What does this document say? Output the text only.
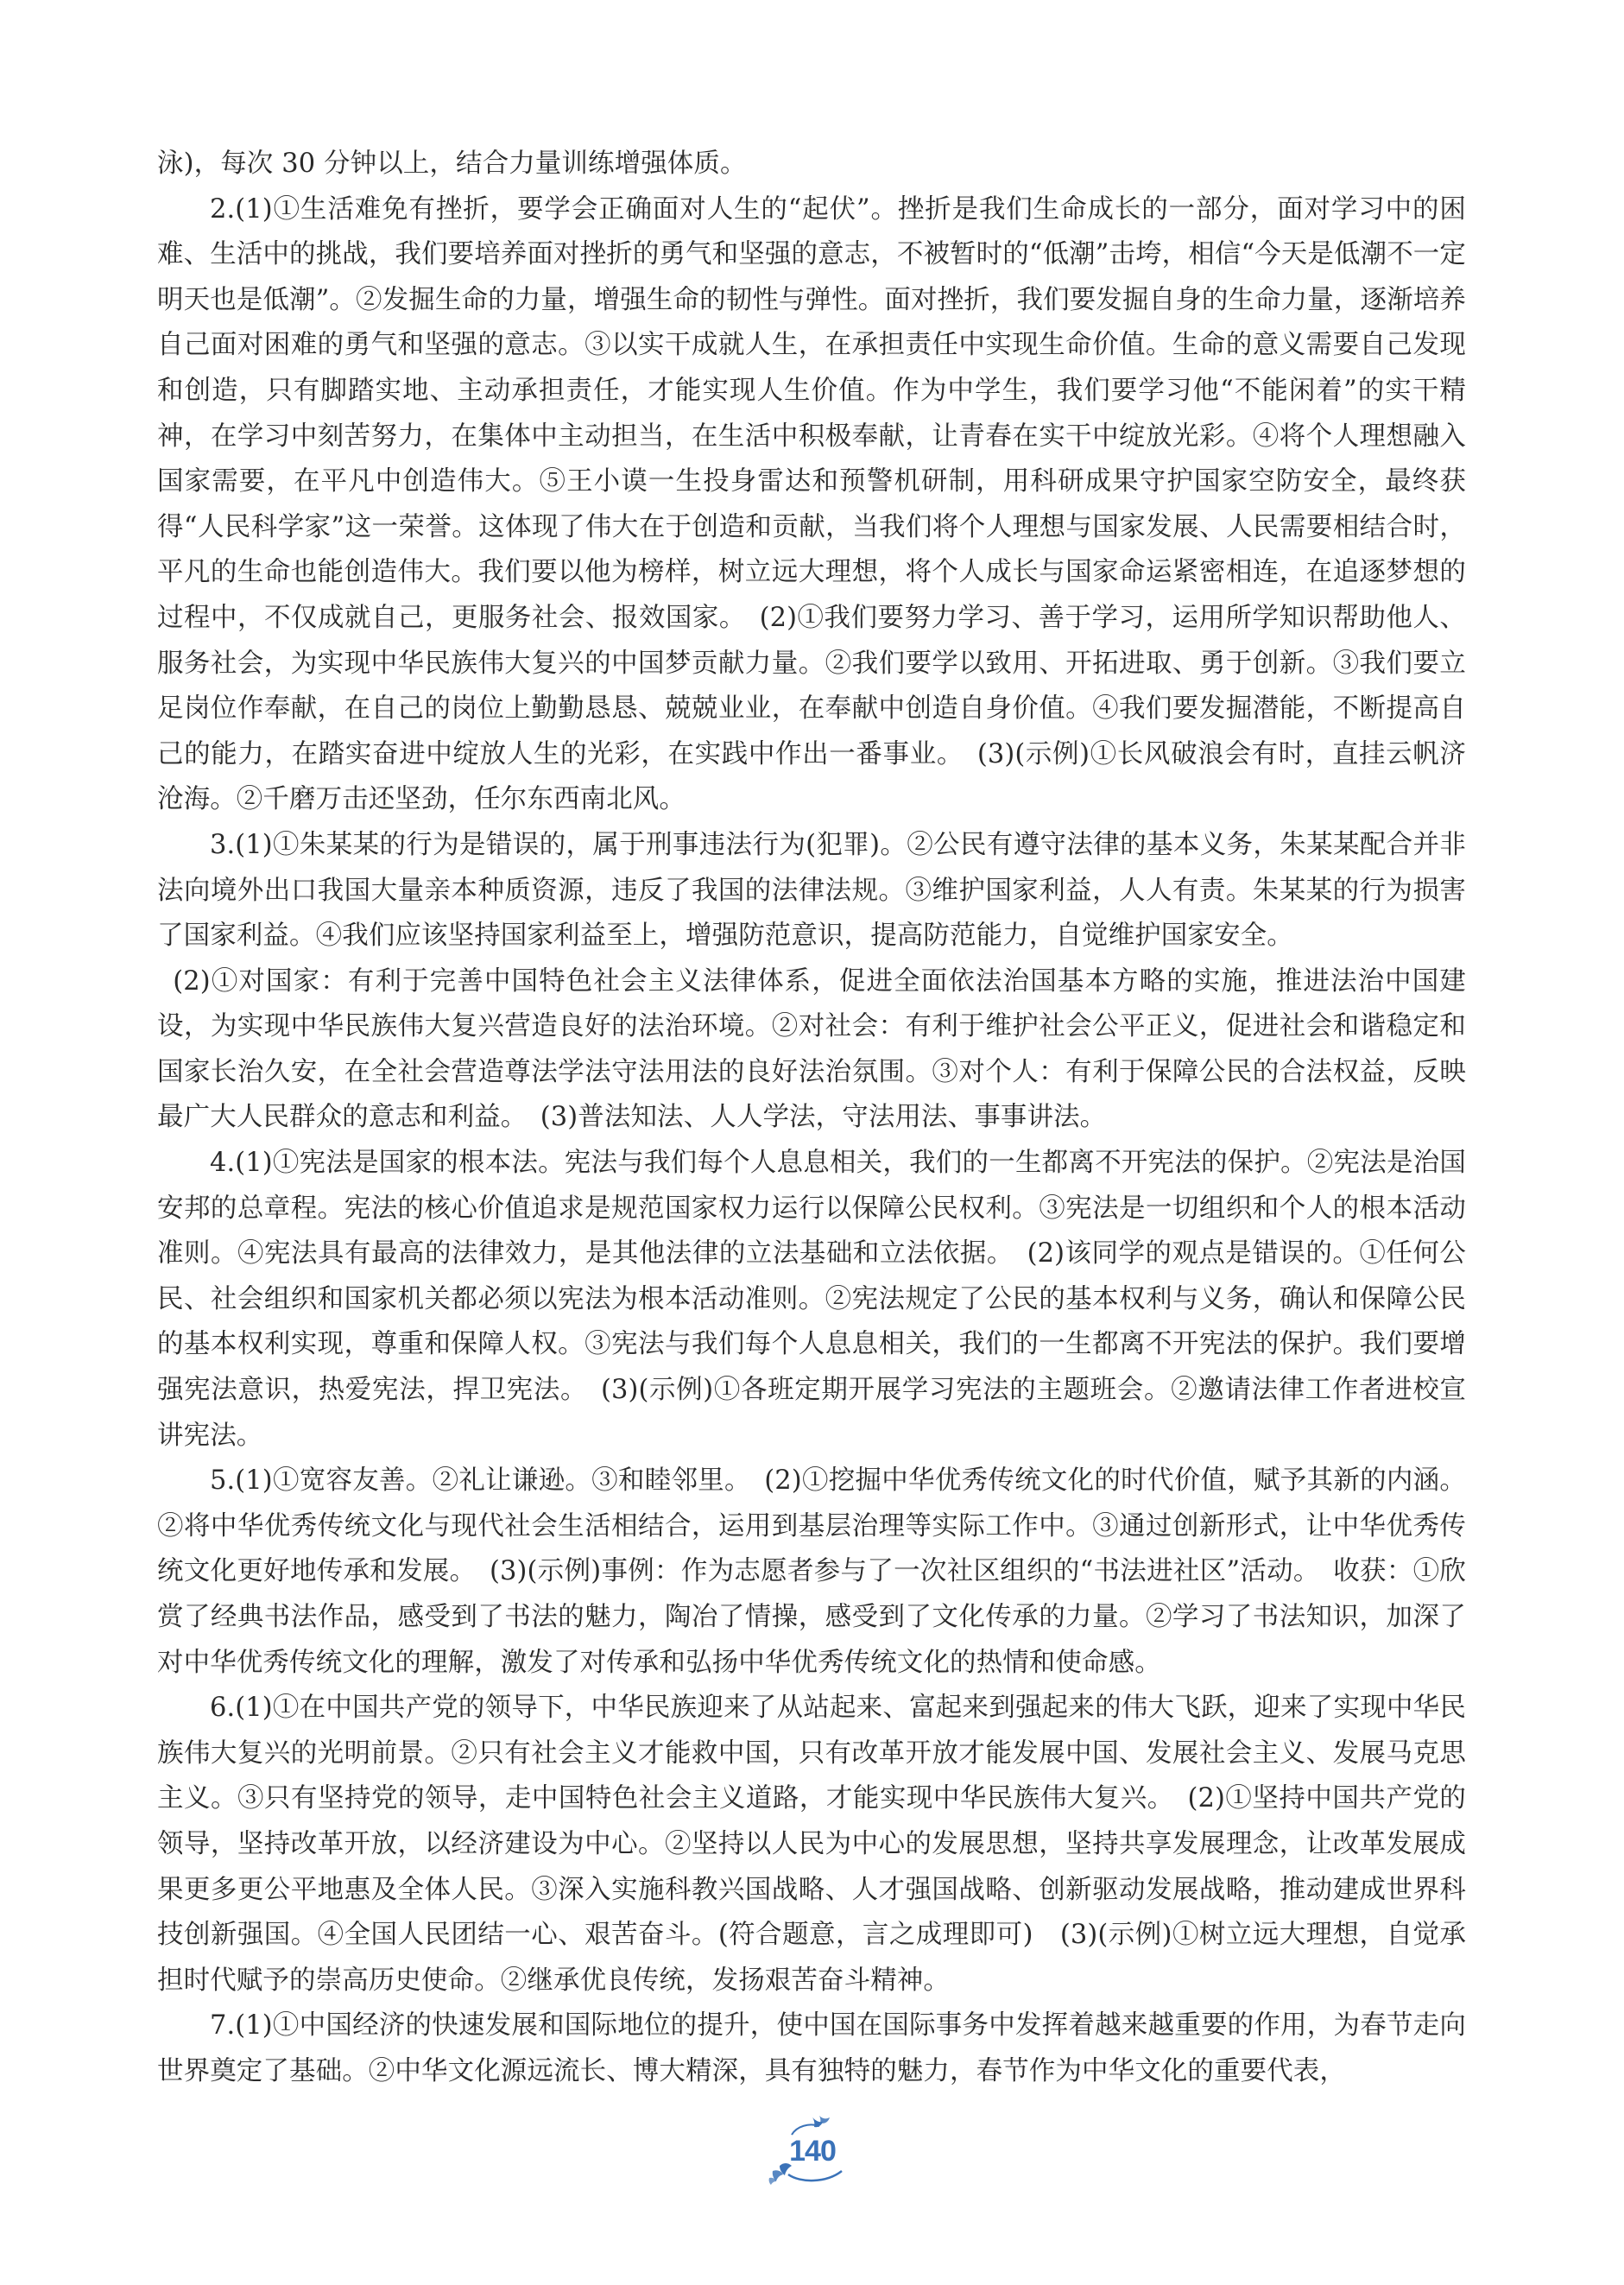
泳)，每次 30 分钟以上，结合力量训练增强体质。

2.(1)①生活难免有挫折，要学会正确面对人生的“起伏”。挫折是我们生命成长的一部分，面对学习中的困难、生活中的挑战，我们要培养面对挫折的勇气和坚强的意志，不被暂时的“低潮”击垮，相信“今天是低潮不一定明天也是低潮”。②发掘生命的力量，增强生命的韧性与弹性。面对挫折，我们要发掘自身的生命力量，逐渐培养自己面对困难的勇气和坚强的意志。③以实干成就人生，在承担责任中实现生命价值。生命的意义需要自己发现和创造，只有脚踏实地、主动承担责任，才能实现人生价值。作为中学生，我们要学习他“不能闲着”的实干精神，在学习中刻苦努力，在集体中主动担当，在生活中积极奉献，让青春在实干中绽放光彩。④将个人理想融入国家需要，在平凡中创造伟大。⑤王小谟一生投身雷达和预警机研制，用科研成果守护国家空防安全，最终获得“人民科学家”这一荣誉。这体现了伟大在于创造和贡献，当我们将个人理想与国家发展、人民需要相结合时，平凡的生命也能创造伟大。我们要以他为榜样，树立远大理想，将个人成长与国家命运紧密相连，在追逐梦想的过程中，不仅成就自己，更服务社会、报效国家。　(2)①我们要努力学习、善于学习，运用所学知识帮助他人、服务社会，为实现中华民族伟大复兴的中国梦贡献力量。②我们要学以致用、开拓进取、勇于创新。③我们要立足岗位作奉献，在自己的岗位上勤勤恳恳、兢兢业业，在奉献中创造自身价值。④我们要发掘潜能，不断提高自己的能力，在踏实奋进中绽放人生的光彩，在实践中作出一番事业。　(3)(示例)①长风破浪会有时，直挂云帆济沧海。②千磨万击还坚劲，任尔东西南北风。

3.(1)①朱某某的行为是错误的，属于刑事违法行为(犯罪)。②公民有遵守法律的基本义务，朱某某配合并非法向境外出口我国大量亲本种质资源，违反了我国的法律法规。③维护国家利益，人人有责。朱某某的行为损害了国家利益。④我们应该坚持国家利益至上，增强防范意识，提高防范能力，自觉维护国家安全。

(2)①对国家：有利于完善中国特色社会主义法律体系，促进全面依法治国基本方略的实施，推进法治中国建设，为实现中华民族伟大复兴营造良好的法治环境。②对社会：有利于维护社会公平正义，促进社会和谐稳定和国家长治久安，在全社会营造尊法学法守法用法的良好法治氛围。③对个人：有利于保障公民的合法权益，反映最广大人民群众的意志和利益。　(3)普法知法、人人学法，守法用法、事事讲法。

4.(1)①宪法是国家的根本法。宪法与我们每个人息息相关，我们的一生都离不开宪法的保护。②宪法是治国安邦的总章程。宪法的核心价值追求是规范国家权力运行以保障公民权利。③宪法是一切组织和个人的根本活动准则。④宪法具有最高的法律效力，是其他法律的立法基础和立法依据。　(2)该同学的观点是错误的。①任何公民、社会组织和国家机关都必须以宪法为根本活动准则。②宪法规定了公民的基本权利与义务，确认和保障公民的基本权利实现，尊重和保障人权。③宪法与我们每个人息息相关，我们的一生都离不开宪法的保护。我们要增强宪法意识，热爱宪法，捍卫宪法。　(3)(示例)①各班定期开展学习宪法的主题班会。②邀请法律工作者进校宣讲宪法。

5.(1)①宽容友善。②礼让谦逊。③和睦邻里。　(2)①挖掘中华优秀传统文化的时代价值，赋予其新的内涵。②将中华优秀传统文化与现代社会生活相结合，运用到基层治理等实际工作中。③通过创新形式，让中华优秀传统文化更好地传承和发展。　(3)(示例)事例：作为志愿者参与了一次社区组织的“书法进社区”活动。　收获：①欣赏了经典书法作品，感受到了书法的魅力，陶冶了情操，感受到了文化传承的力量。②学习了书法知识，加深了对中华优秀传统文化的理解，激发了对传承和弘扬中华优秀传统文化的热情和使命感。

6.(1)①在中国共产党的领导下，中华民族迎来了从站起来、富起来到强起来的伟大飞跃，迎来了实现中华民族伟大复兴的光明前景。②只有社会主义才能救中国，只有改革开放才能发展中国、发展社会主义、发展马克思主义。③只有坚持党的领导，走中国特色社会主义道路，才能实现中华民族伟大复兴。　(2)①坚持中国共产党的领导，坚持改革开放，以经济建设为中心。②坚持以人民为中心的发展思想，坚持共享发展理念，让改革发展成果更多更公平地惠及全体人民。③深入实施科教兴国战略、人才强国战略、创新驱动发展战略，推动建成世界科技创新强国。④全国人民团结一心、艰苦奋斗。(符合题意，言之成理即可)　(3)(示例)①树立远大理想，自觉承担时代赋予的崇高历史使命。②继承优良传统，发扬艰苦奋斗精神。

7.(1)①中国经济的快速发展和国际地位的提升，使中国在国际事务中发挥着越来越重要的作用，为春节走向世界奠定了基础。②中华文化源远流长、博大精深，具有独特的魅力，春节作为中华文化的重要代表，

140
